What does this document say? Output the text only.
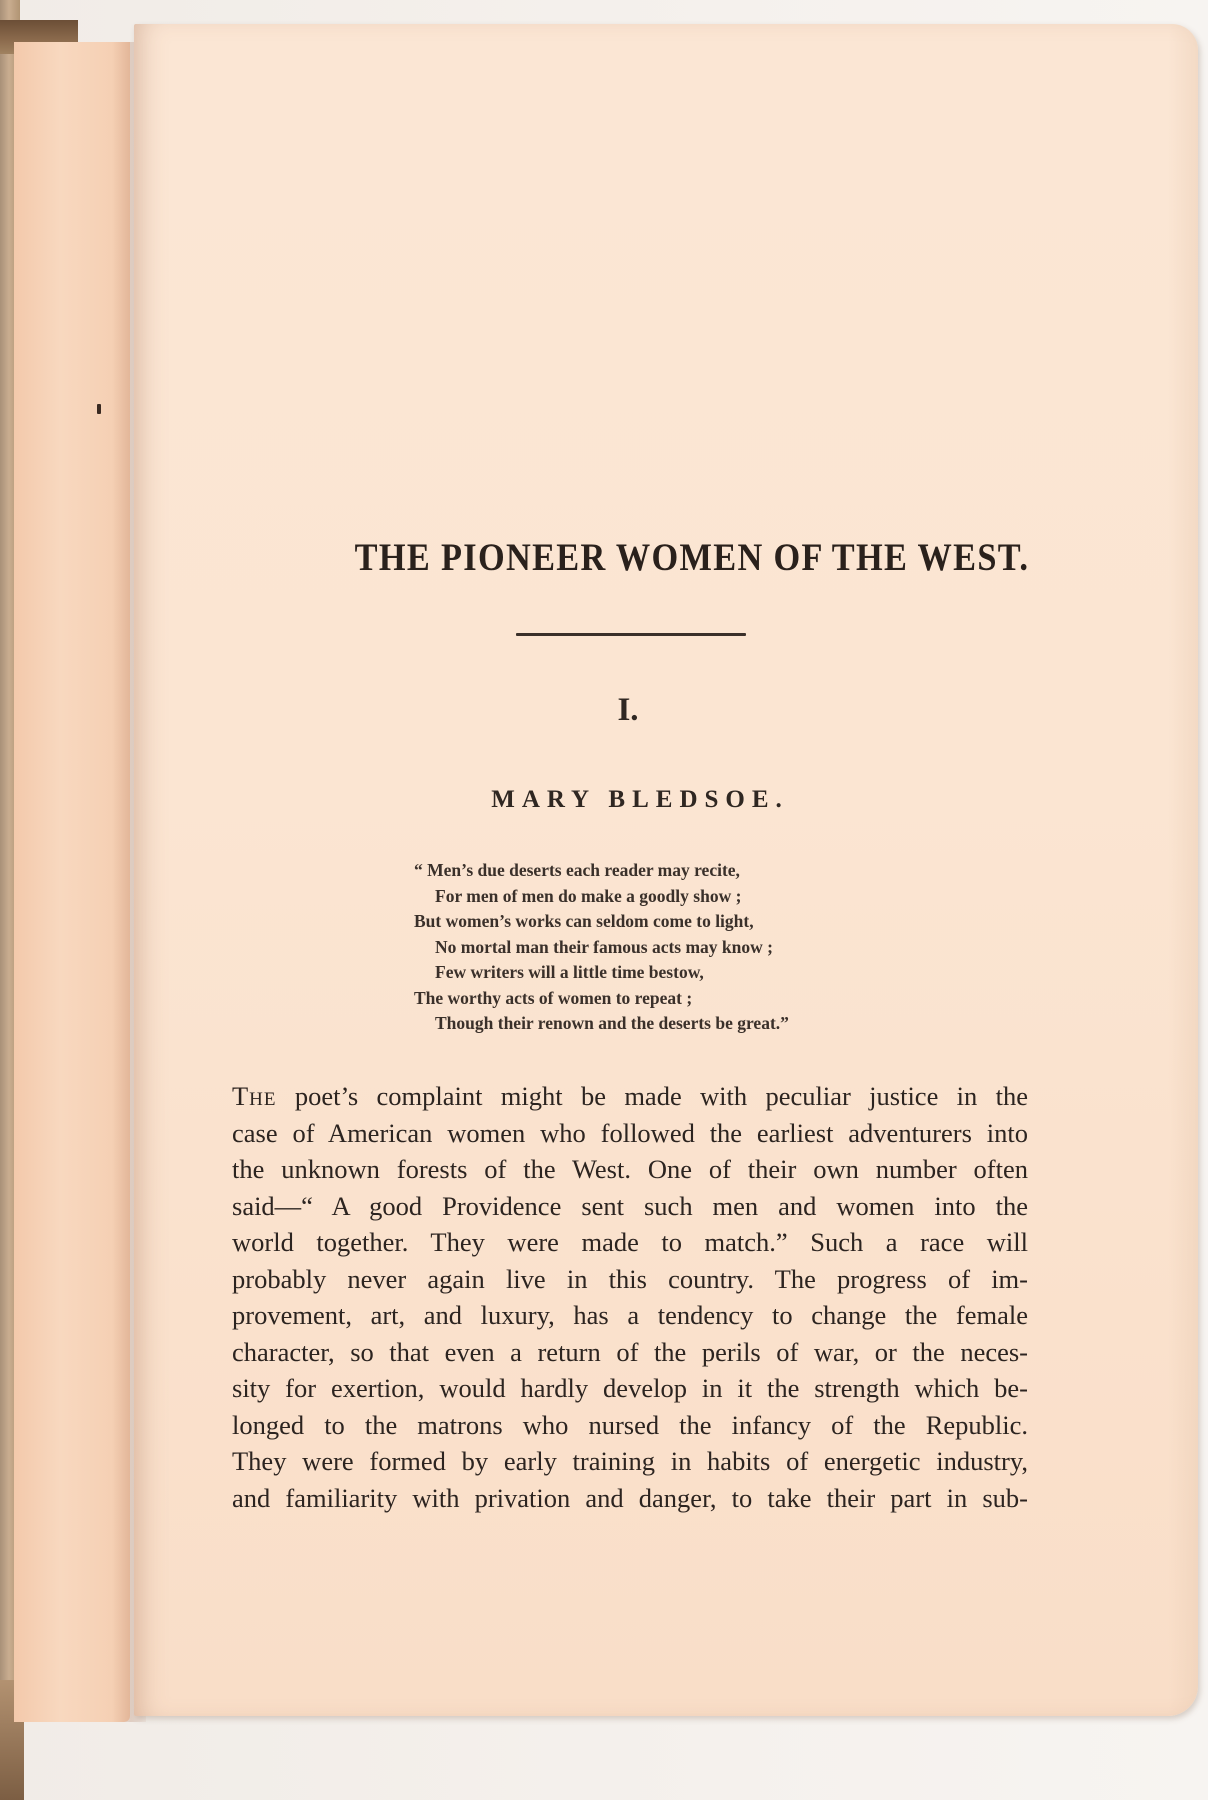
THE PIONEER WOMEN OF THE WEST.
I.
MARY BLEDSOE.
“ Men’s due deserts each reader may recite,
For men of men do make a goodly show ;
But women’s works can seldom come to light,
No mortal man their famous acts may know ;
Few writers will a little time bestow,
The worthy acts of women to repeat ;
Though their renown and the deserts be great.”
The poet’s complaint might be made with peculiar justice in the
case of American women who followed the earliest adventurers into
the unknown forests of the West. One of their own number often
said—“ A good Providence sent such men and women into the
world together. They were made to match.” Such a race will
probably never again live in this country. The progress of im-
provement, art, and luxury, has a tendency to change the female
character, so that even a return of the perils of war, or the neces-
sity for exertion, would hardly develop in it the strength which be-
longed to the matrons who nursed the infancy of the Republic.
They were formed by early training in habits of energetic industry,
and familiarity with privation and danger, to take their part in sub-
